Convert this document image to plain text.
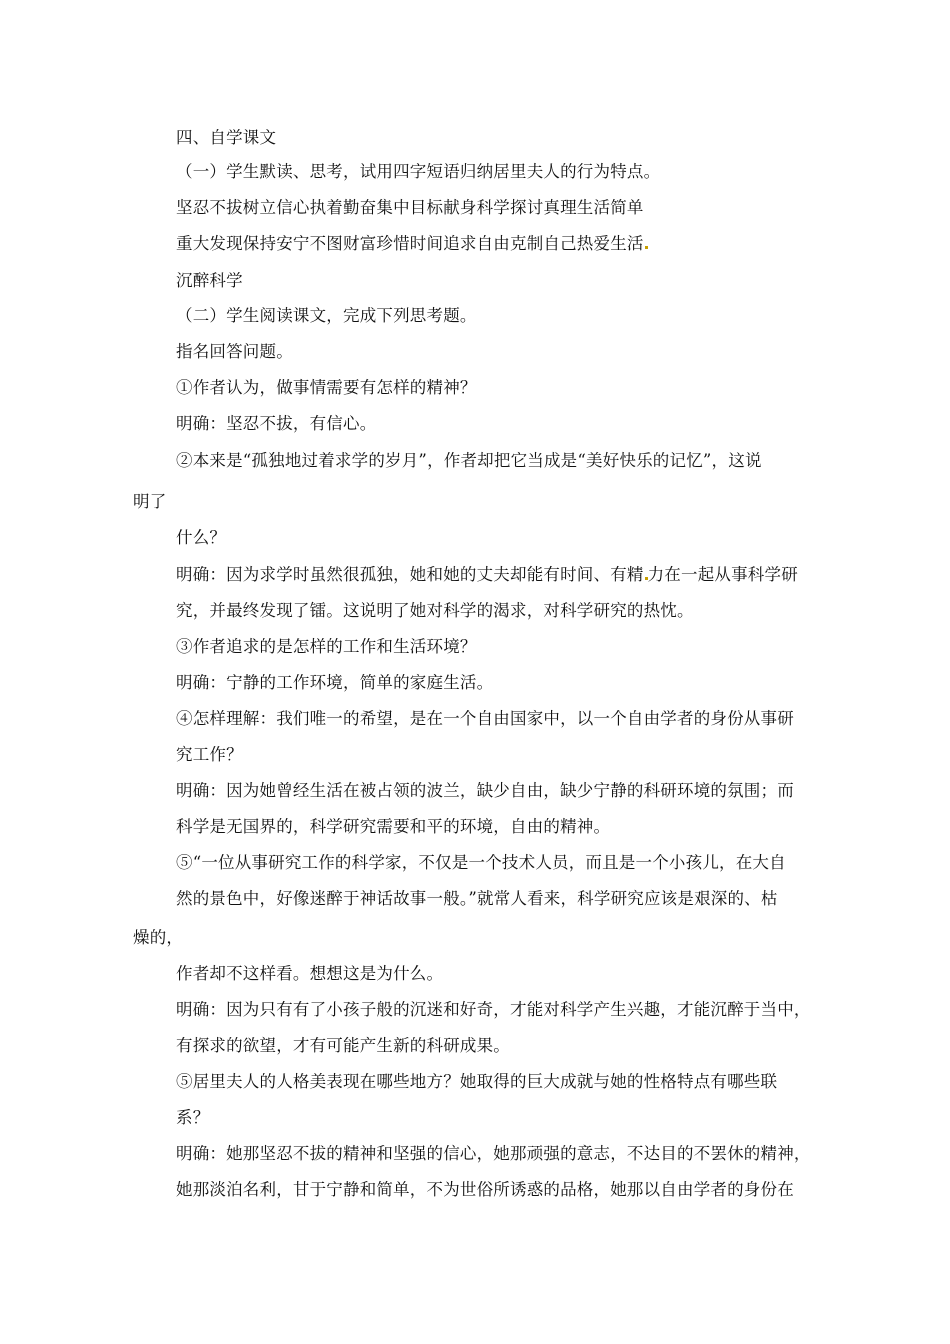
四、自学课文
（一）学生默读、思考，试用四字短语归纳居里夫人的行为特点。
坚忍不拔树立信心执着勤奋集中目标献身科学探讨真理生活简单
重大发现保持安宁不图财富珍惜时间追求自由克制自己热爱生活
沉醉科学
（二）学生阅读课文，完成下列思考题。
指名回答问题。
①作者认为，做事情需要有怎样的精神？
明确：坚忍不拔，有信心。
②本来是“孤独地过着求学的岁月”，作者却把它当成是“美好快乐的记忆”，这说
明了
什么？
明确：因为求学时虽然很孤独，她和她的丈夫却能有时间、有精 力在一起从事科学研
究，并最终发现了镭。这说明了她对科学的渴求，对科学研究的热忱。
③作者追求的是怎样的工作和生活环境？
明确：宁静的工作环境，简单的家庭生活。
④怎样理解：我们唯一的希望，是在一个自由国家中，以一个自由学者的身份从事研
究工作？
明确：因为她曾经生活在被占领的波兰，缺少自由，缺少宁静的科研环境的氛围；而
科学是无国界的，科学研究需要和平的环境，自由的精神。
⑤“一位从事研究工作的科学家，不仅是一个技术人员，而且是一个小孩儿，在大自
然的景色中，好像迷醉于神话故事一般。”就常人看来，科学研究应该是艰深的、枯
燥的，
作者却不这样看。想想这是为什么。
明确：因为只有有了小孩子般的沉迷和好奇，才能对科学产生兴趣，才能沉醉于当中，
有探求的欲望，才有可能产生新的科研成果。
⑤居里夫人的人格美表现在哪些地方？她取得的巨大成就与她的性格特点有哪些联
系？
明确：她那坚忍不拔的精神和坚强的信心，她那顽强的意志，不达目的不罢休的精神，
她那淡泊名利，甘于宁静和简单，不为世俗所诱惑的品格，她那以自由学者的身份在
